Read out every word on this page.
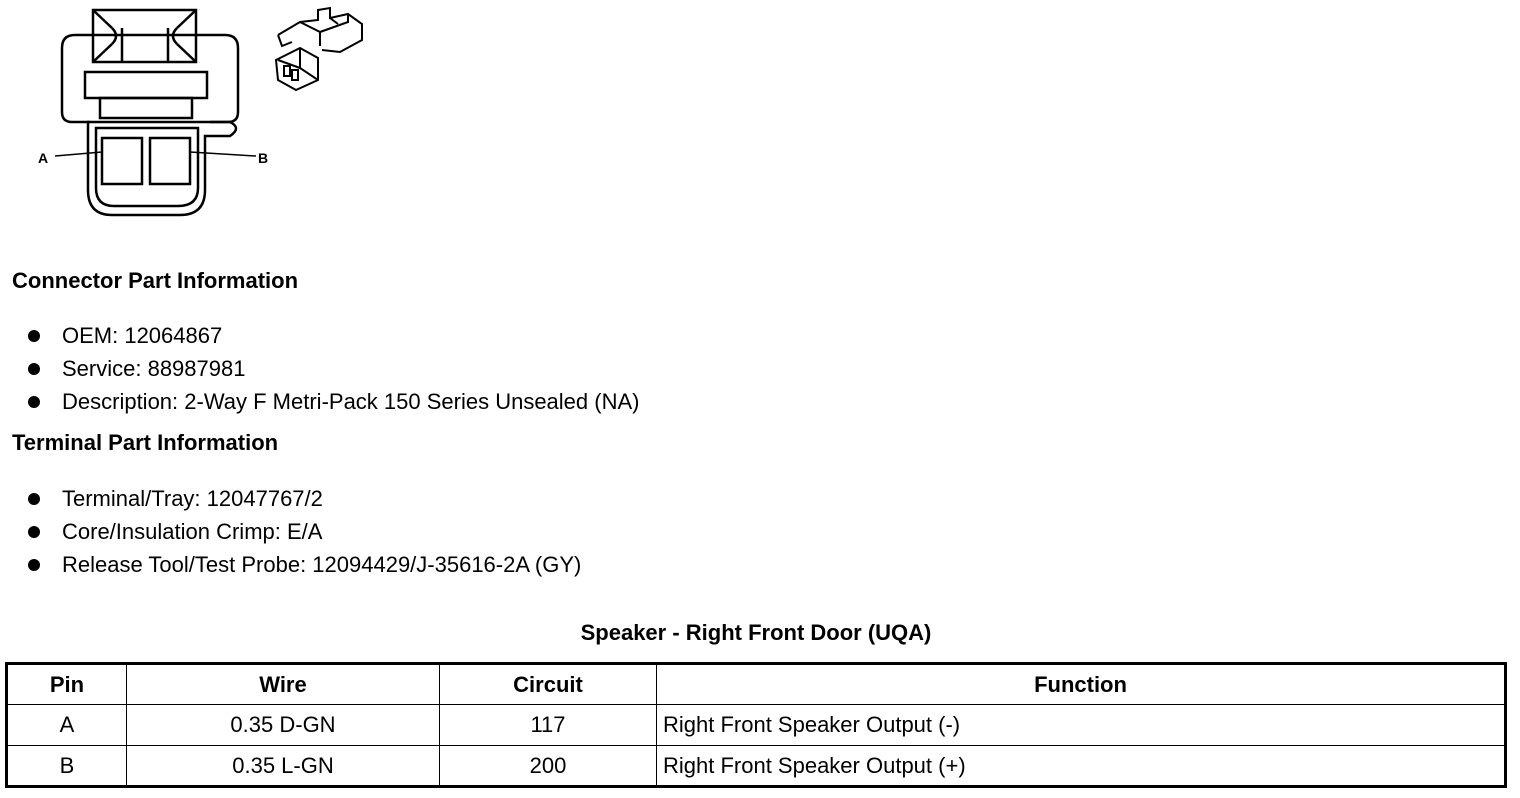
A	B
Connector Part Information
OEM: 12064867
Service: 88987981
Description: 2-Way F Metri-Pack 150 Series Unsealed (NA)
Terminal Part Information
Terminal/Tray: 12047767/2
Core/Insulation Crimp: E/A
Release Tool/Test Probe: 12094429/J-35616-2A (GY)
Speaker - Right Front Door (UQA)
Pin	Wire	Circuit	Function
A	0.35 D-GN	117	Right Front Speaker Output (-)
B	0.35 L-GN	200	Right Front Speaker Output (+)
